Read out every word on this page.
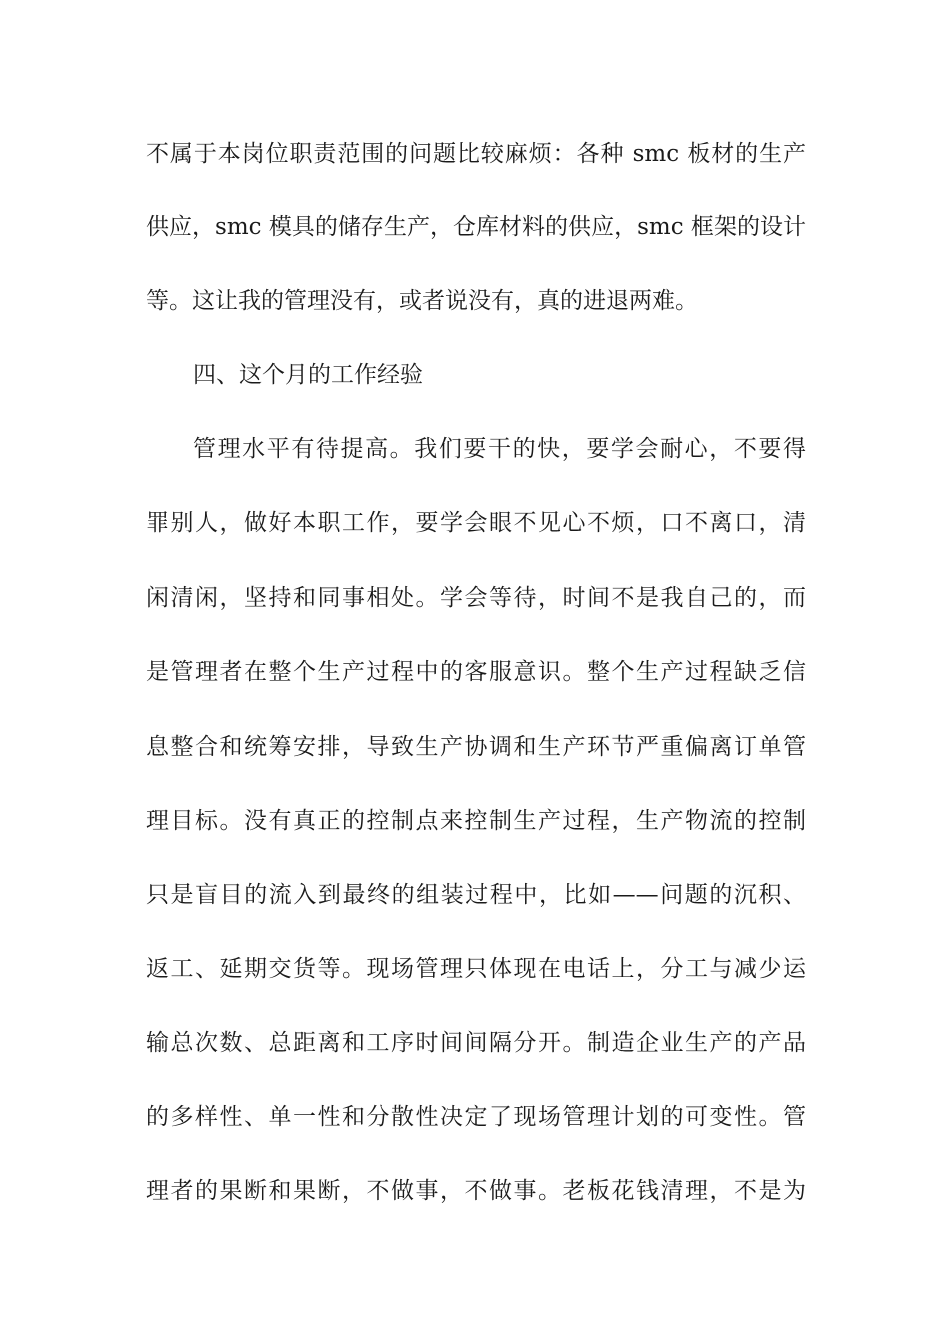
不属于本岗位职责范围的问题比较麻烦：各种 smc 板材的生产
供应，smc 模具的储存生产，仓库材料的供应，smc 框架的设计
等。这让我的管理没有，或者说没有，真的进退两难。
四、这个月的工作经验
管理水平有待提高。我们要干的快，要学会耐心，不要得
罪别人，做好本职工作，要学会眼不见心不烦，口不离口，清
闲清闲，坚持和同事相处。学会等待，时间不是我自己的，而
是管理者在整个生产过程中的客服意识。整个生产过程缺乏信
息整合和统筹安排，导致生产协调和生产环节严重偏离订单管
理目标。没有真正的控制点来控制生产过程，生产物流的控制
只是盲目的流入到最终的组装过程中，比如——问题的沉积、
返工、延期交货等。现场管理只体现在电话上，分工与减少运
输总次数、总距离和工序时间间隔分开。制造企业生产的产品
的多样性、单一性和分散性决定了现场管理计划的可变性。管
理者的果断和果断，不做事，不做事。老板花钱清理，不是为
